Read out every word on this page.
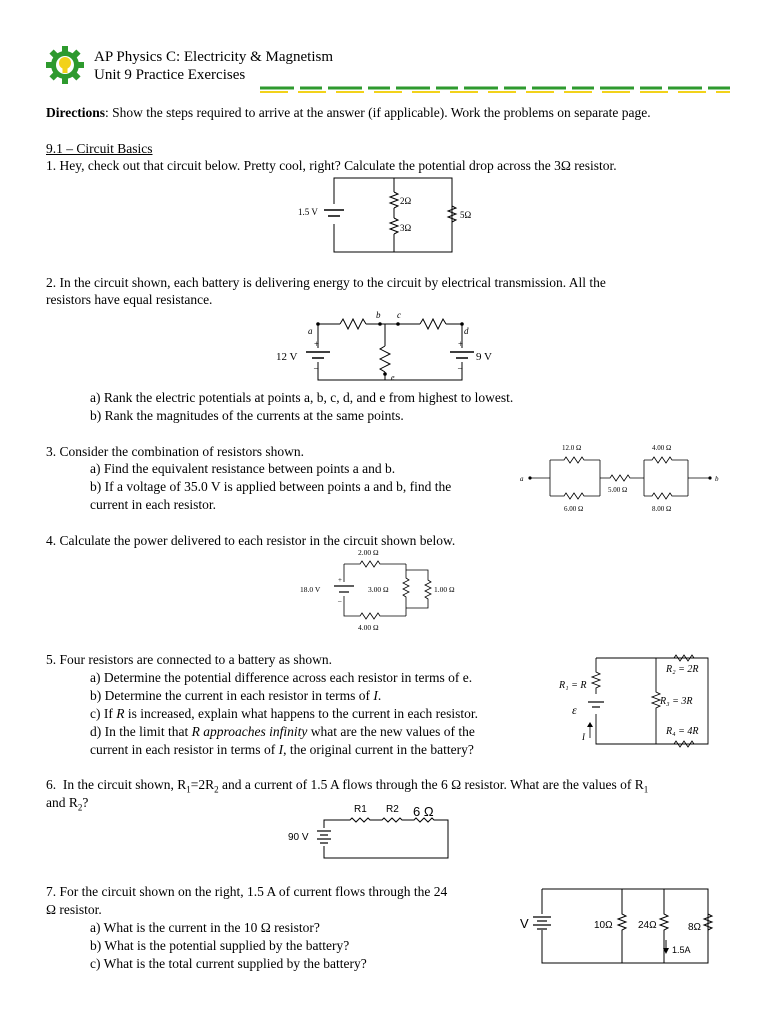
AP Physics C: Electricity & Magnetism
Unit 9 Practice Exercises
Directions: Show the steps required to arrive at the answer (if applicable). Work the problems on separate page.
9.1 – Circuit Basics
1. Hey, check out that circuit below. Pretty cool, right? Calculate the potential drop across the 3Ω resistor.
1.5 V
2Ω
3Ω
5Ω
2. In the circuit shown, each battery is delivering energy to the circuit by electrical transmission. All the
resistors have equal resistance.
a
b c
d
e
+
–
+
–
12 V	9 V
a) Rank the electric potentials at points a, b, c, d, and e from highest to lowest.
b) Rank the magnitudes of the currents at the same points.
3. Consider the combination of resistors shown.
a) Find the equivalent resistance between points a and b.
b) If a voltage of 35.0 V is applied between points a and b, find the
current in each resistor.
a	b
12.0 Ω
6.00 Ω
5.00 Ω
4.00 Ω
8.00 Ω
4. Calculate the power delivered to each resistor in the circuit shown below.
+
–
2.00 Ω
18.0 V	3.00 Ω	1.00 Ω
4.00 Ω
5. Four resistors are connected to a battery as shown.
a) Determine the potential difference across each resistor in terms of e.
b) Determine the current in each resistor in terms of I.
c) If R is increased, explain what happens to the current in each resistor.
d) In the limit that R approaches infinity what are the new values of the
current in each resistor in terms of I, the original current in the battery?
R₁ = R
R₂ = 2R
R₃ = 3R
R₄ = 4R
ε
I
6.  In the circuit shown, $R_1=2R_2$ and a current of 1.5 A flows through the 6 Ω resistor. What are the values of $R_1$
and $R_2$?
90 V
R1 R2 6 Ω
7. For the circuit shown on the right, 1.5 A of current flows through the 24
Ω resistor.
a) What is the current in the 10 Ω resistor?
b) What is the potential supplied by the battery?
c) What is the total current supplied by the battery?
V	10Ω	24Ω	8Ω
1.5A
